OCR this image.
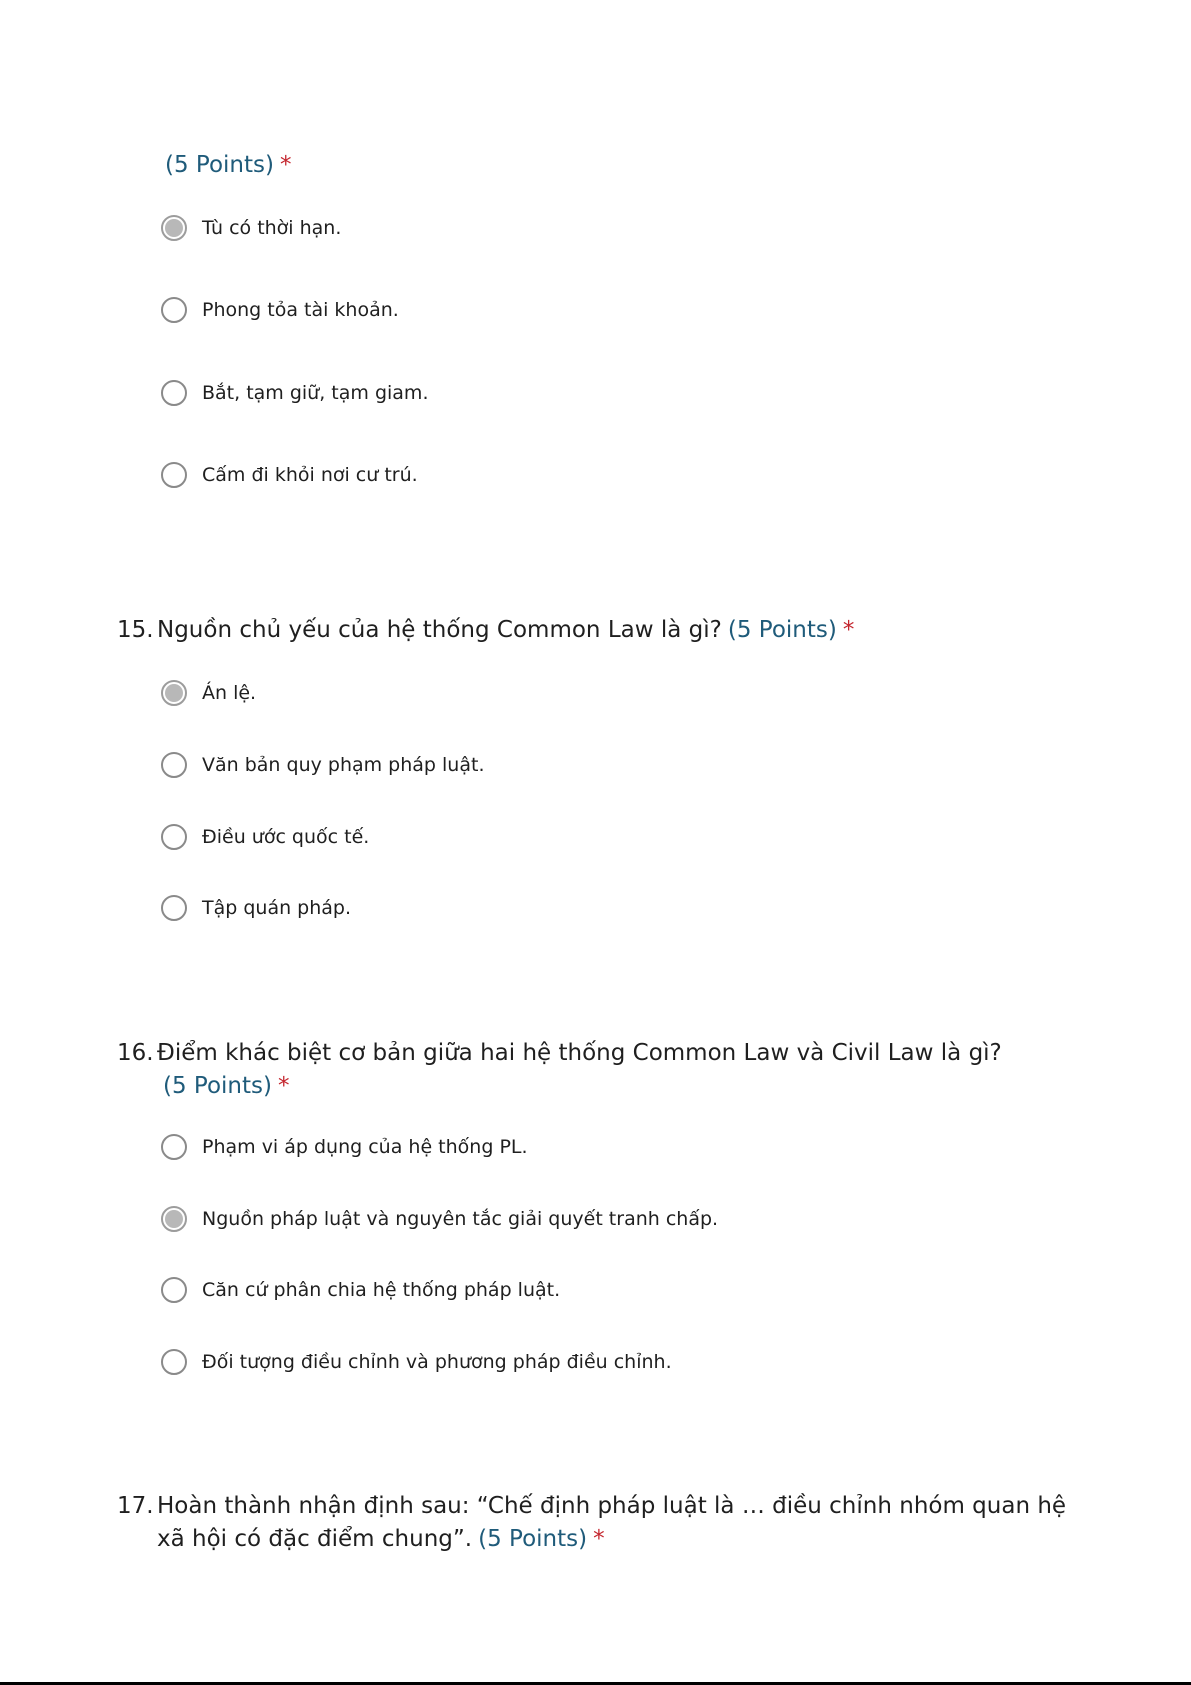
(5 Points) *
Tù có thời hạn.
Phong tỏa tài khoản.
Bắt, tạm giữ, tạm giam.
Cấm đi khỏi nơi cư trú.
15. Nguồn chủ yếu của hệ thống Common Law là gì? (5 Points) *
Án lệ.
Văn bản quy phạm pháp luật.
Điều ước quốc tế.
Tập quán pháp.
16. Điểm khác biệt cơ bản giữa hai hệ thống Common Law và Civil Law là gì?
(5 Points) *
Phạm vi áp dụng của hệ thống PL.
Nguồn pháp luật và nguyên tắc giải quyết tranh chấp.
Căn cứ phân chia hệ thống pháp luật.
Đối tượng điều chỉnh và phương pháp điều chỉnh.
17. Hoàn thành nhận định sau: “Chế định pháp luật là … điều chỉnh nhóm quan hệ xã hội có đặc điểm chung”. (5 Points) *
